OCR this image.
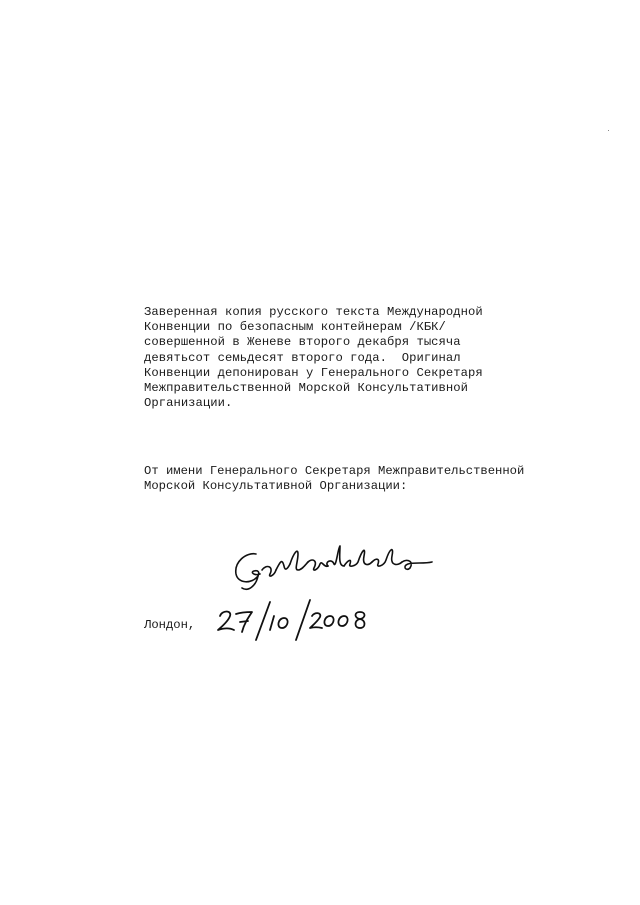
Заверенная копия русского текста Международной
Конвенции по безопасным контейнерам /КБК/
совершенной в Женеве второго декабря тысяча
девятьсот семьдесят второго года.  Оригинал
Конвенции депонирован у Генерального Секретаря
Межправительственной Морской Консультативной
Организации.
От имени Генерального Секретаря Межправительственной
Морской Консультативной Организации:
Лондон,
